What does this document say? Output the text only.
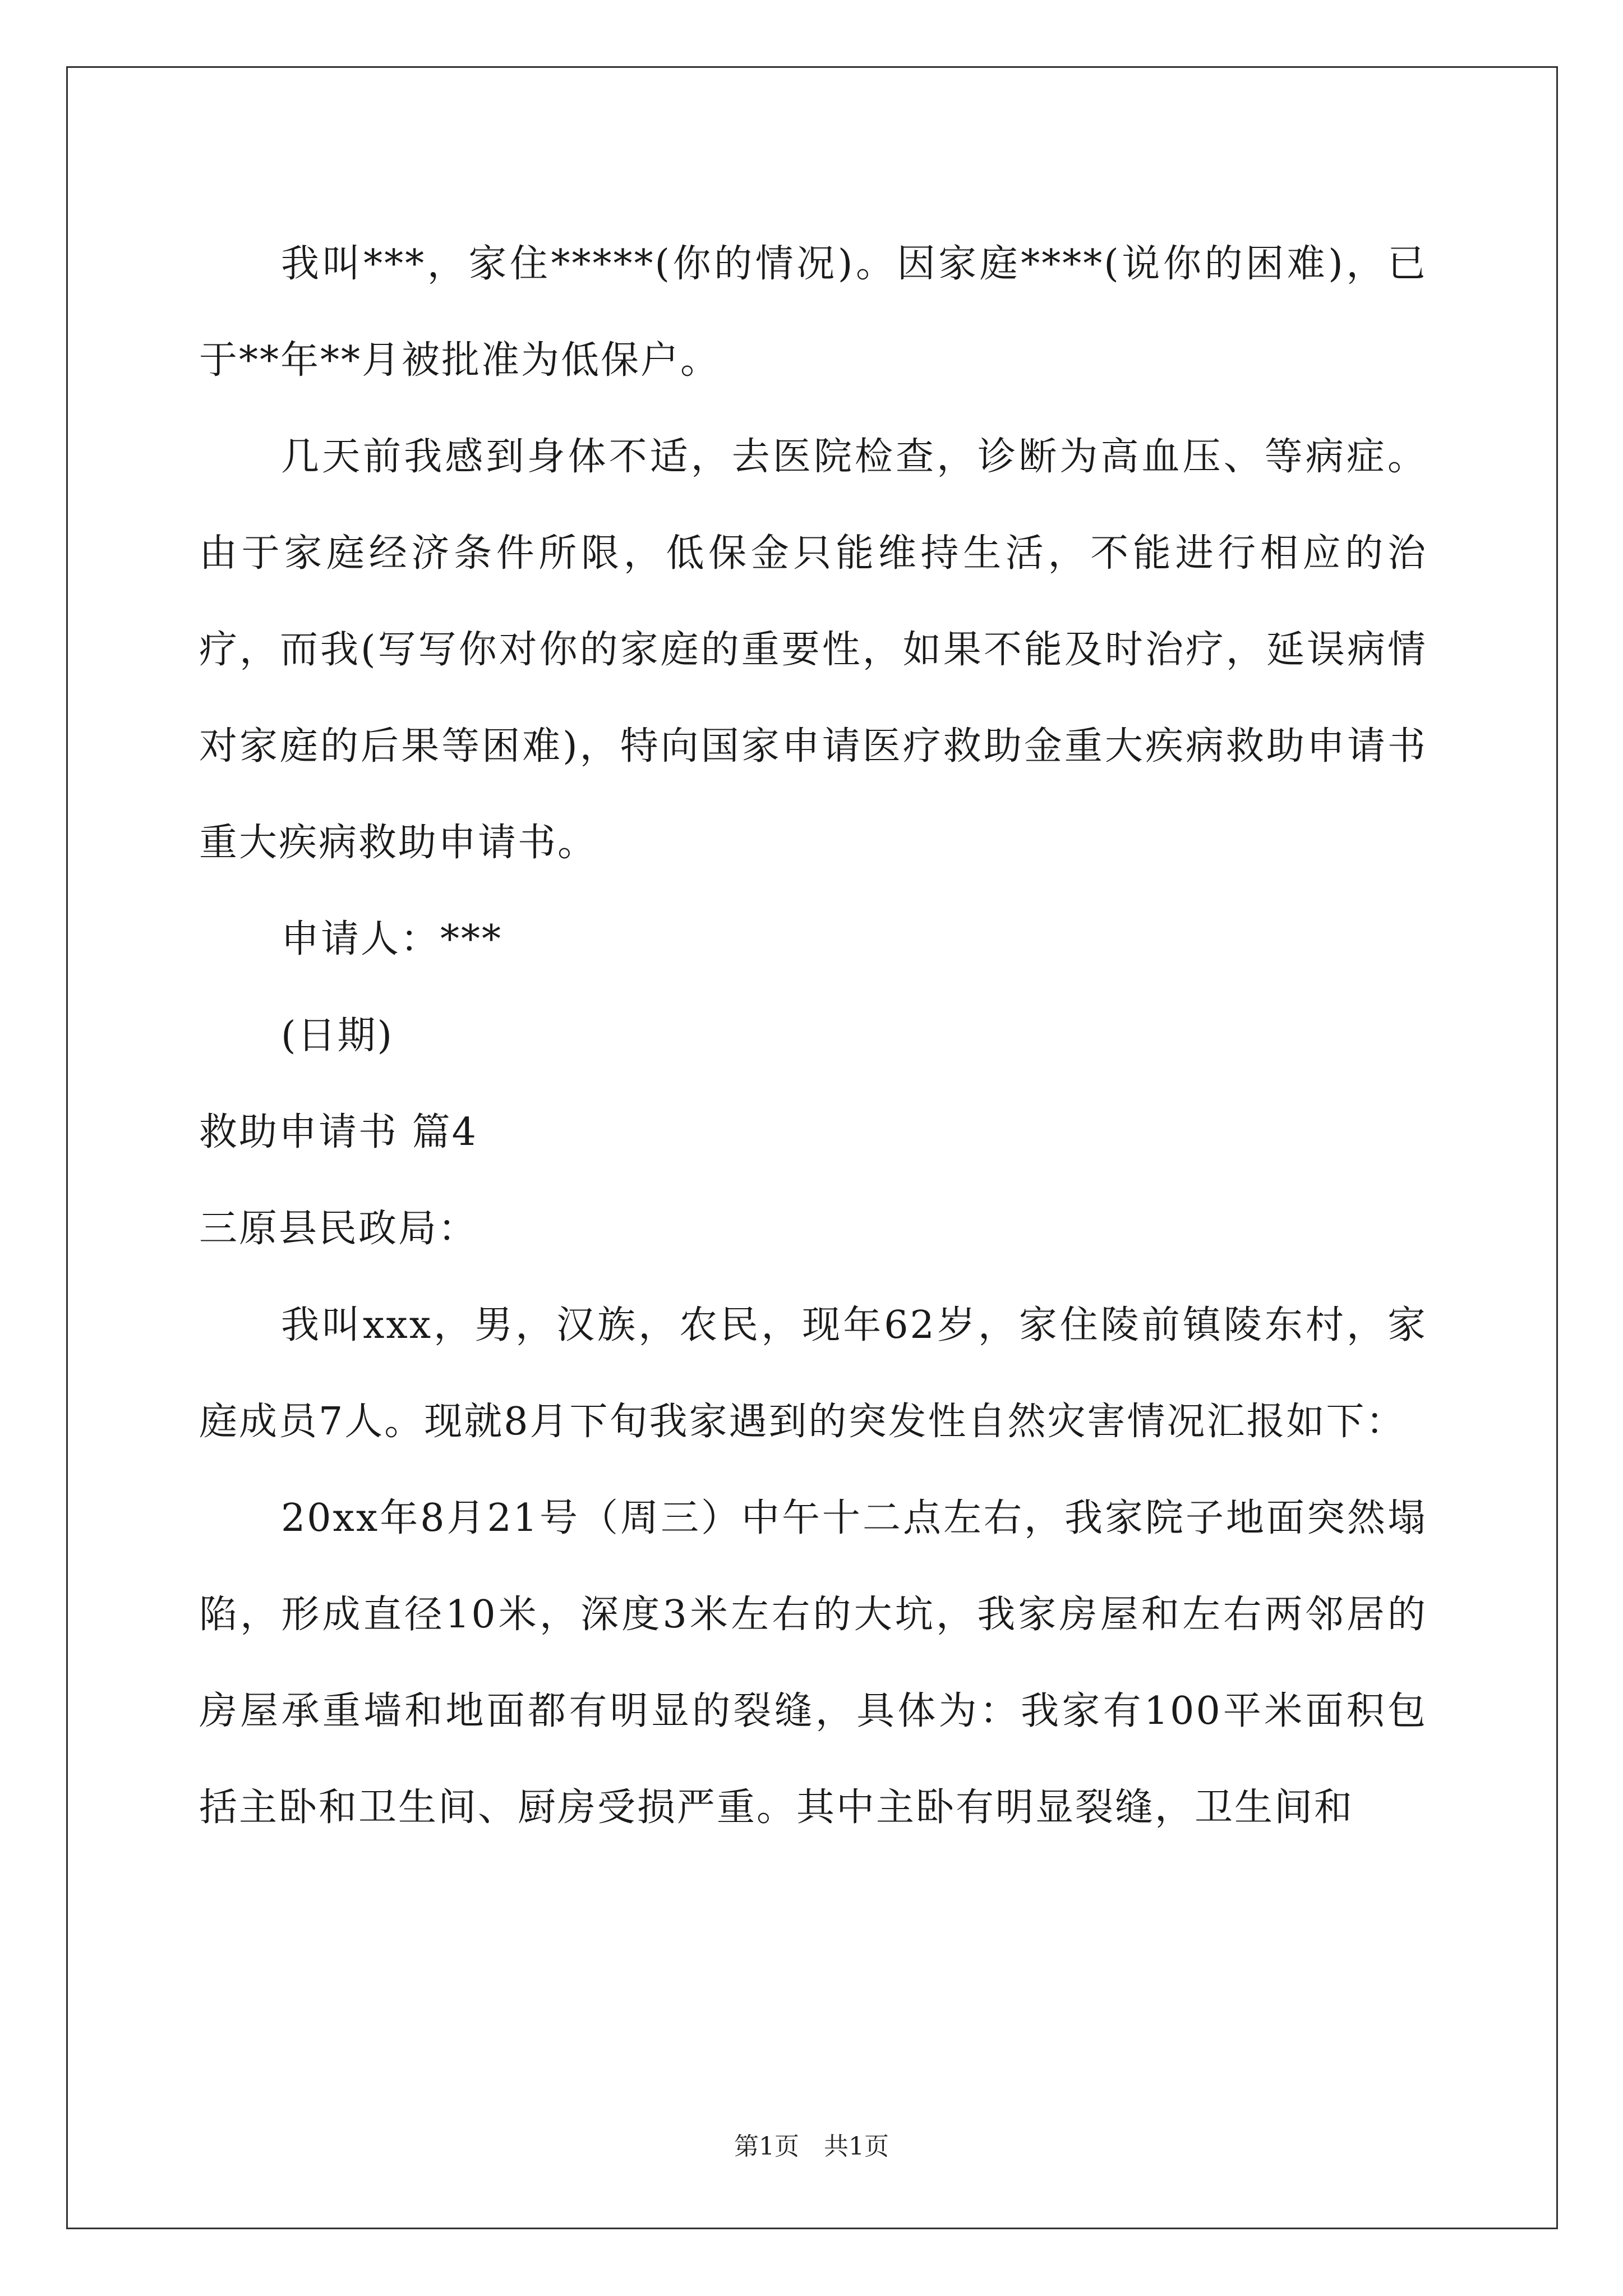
我叫***，家住*****(你的情况)。因家庭****(说你的困难)，已于**年**月被批准为低保户。

几天前我感到身体不适，去医院检查，诊断为高血压、等病症。由于家庭经济条件所限，低保金只能维持生活，不能进行相应的治疗，而我(写写你对你的家庭的重要性，如果不能及时治疗，延误病情对家庭的后果等困难)，特向国家申请医疗救助金重大疾病救助申请书重大疾病救助申请书。

申请人：***

(日期)

救助申请书 篇4

三原县民政局：

我叫xxx，男，汉族，农民，现年62岁，家住陵前镇陵东村，家庭成员7人。现就8月下旬我家遇到的突发性自然灾害情况汇报如下：

20xx年8月21号（周三）中午十二点左右，我家院子地面突然塌陷，形成直径10米，深度3米左右的大坑，我家房屋和左右两邻居的房屋承重墙和地面都有明显的裂缝，具体为：我家有100平米面积包括主卧和卫生间、厨房受损严重。其中主卧有明显裂缝，卫生间和

第1页 共1页
